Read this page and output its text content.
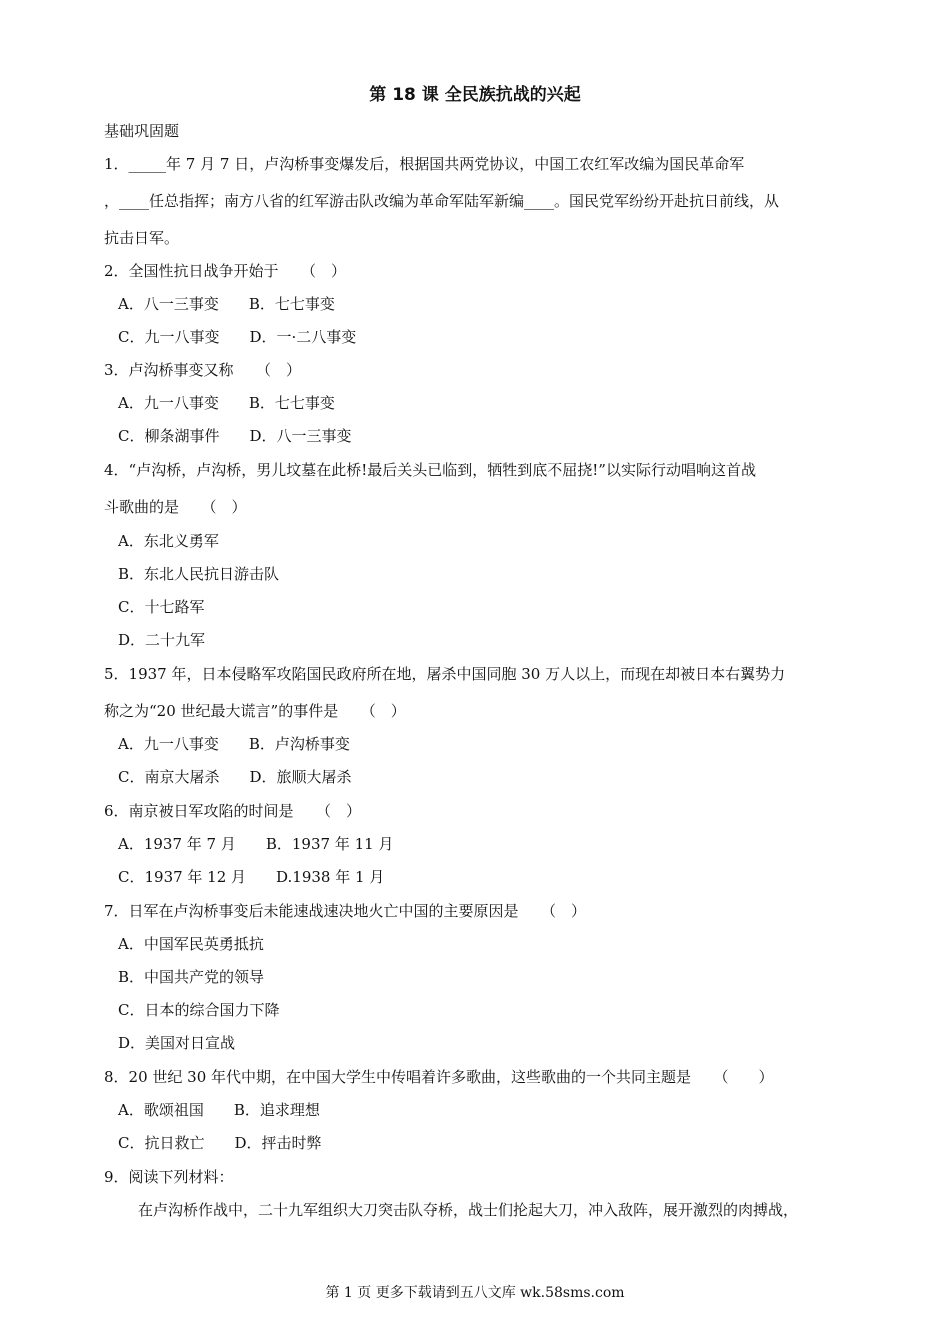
第 18 课 全民族抗战的兴起
基础巩固题
1．_____年 7 月 7 日，卢沟桥事变爆发后，根据国共两党协议，中国工农红军改编为国民革命军
，____任总指挥；南方八省的红军游击队改编为革命军陆军新编____。国民党军纷纷开赴抗日前线，从
抗击日军。
2．全国性抗日战争开始于　　（　）
A．八一三事变　　B．七七事变
C．九一八事变　　D．一·二八事变
3．卢沟桥事变又称　　（　）
A．九一八事变　　B．七七事变
C．柳条湖事件　　D．八一三事变
4．“卢沟桥，卢沟桥，男儿坟墓在此桥!最后关头已临到，牺牲到底不屈挠!”以实际行动唱响这首战
斗歌曲的是　　（　）
A．东北义勇军
B．东北人民抗日游击队
C．十七路军
D．二十九军
5．1937 年，日本侵略军攻陷国民政府所在地，屠杀中国同胞 30 万人以上，而现在却被日本右翼势力
称之为“20 世纪最大谎言”的事件是　　（　）
A．九一八事变　　B．卢沟桥事变
C．南京大屠杀　　D．旅顺大屠杀
6．南京被日军攻陷的时间是　　（　）
A．1937 年 7 月　　B．1937 年 11 月
C．1937 年 12 月　　D.1938 年 1 月
7．日军在卢沟桥事变后未能速战速决地火亡中国的主要原因是　　（　）
A．中国军民英勇抵抗
B．中国共产党的领导
C．日本的综合国力下降
D．美国对日宣战
8．20 世纪 30 年代中期，在中国大学生中传唱着许多歌曲，这些歌曲的一个共同主题是　　（　　）
A．歌颂祖国　　B．追求理想
C．抗日救亡　　D．抨击时弊
9．阅读下列材料：
在卢沟桥作战中，二十九军组织大刀突击队夺桥，战士们抡起大刀，冲入敌阵，展开激烈的肉搏战，
第 1 页 更多下载请到五八文库 wk.58sms.com
